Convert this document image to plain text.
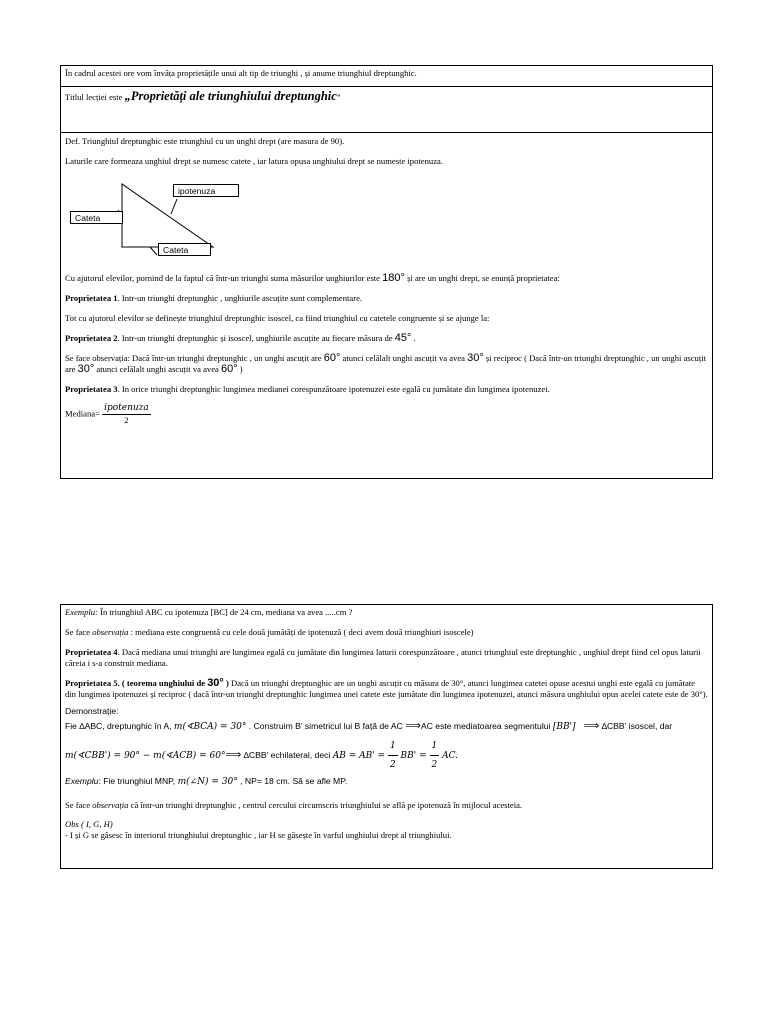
În cadrul acestei ore vom învăța proprietățile unui alt tip de triunghi , și anume triunghiul dreptunghic.

Titlul lecției este „Proprietăți ale triunghiului dreptunghic”

Def. Triunghiul dreptunghic este triunghiul cu un unghi drept (are masura de 90).

Laturile care formeaza unghiul drept se numesc catete , iar latura opusa unghiului drept se numeste ipotenuza.

ipotenuza
Cateta
Cateta

Cu ajutorul elevilor, pornind de la faptul că într-un triunghi suma măsurilor unghiurilor este 180° și are un unghi drept, se enunță proprietatea:

Proprietatea 1. Intr-un triunghi dreptunghic , unghiurile ascuțite sunt complementare.

Tot cu ajutorul elevilor se definește triunghiul dreptunghic isoscel, ca fiind triunghiul cu catetele congruente și se ajunge la:

Proprietatea 2. Intr-un triunghi dreptunghic și isoscel, unghiurile ascuțite au fiecare măsura de 45° .

Se face observația: Dacă într-un triunghi dreptunghic , un unghi ascuțit are 60° atunci celălalt unghi ascuțit va avea 30° și reciproc ( Dacă într-un triunghi dreptunghic , un unghi ascuțit are 30° atunci celălalt unghi ascuțit va avea 60° )

Proprietatea 3. In orice triunghi dreptunghic lungimea medianei corespunzătoare ipotenuzei este egală cu jumătate din lungimea ipotenuzei.

Mediana= $\frac{\text{ipotenuza}}{2}$

Exemplu: În triunghiul ABC cu ipotenuza [BC] de 24 cm, mediana va avea .....cm ?

Se face observația : mediana este congruentă cu cele două jumătăți de ipotenuză ( deci avem două triunghiuri isoscele)

Proprietatea 4. Dacă mediana unui triunghi are lungimea egală cu jumătate din lungimea laturii corespunzătoare , atunci triunghiul este dreptunghic , unghiul drept fiind cel opus laturii căreia i s-a construit mediana.

Proprietatea 5. ( teorema unghiului de 30° ) Dacă un triunghi dreptunghic are un unghi ascuțit cu măsura de 30°, atunci lungimea catetei opuse acestui unghi este egală cu jumătate din lungimea ipotenuzei și reciproc ( dacă într-un triunghi dreptunghic lungimea unei catete este jumătate din lungimea ipotenuzei, atunci măsura unghiului opus acelei catete este de 30°).

Demonstrație:

Fie ∆ABC, dreptunghic în A, m(∢BCA) = 30° . Construim B' simetricul lui B față de AC ⟹AC este mediatoarea segmentului [BB'] ⟹ ∆CBB' isoscel, dar

m(∢CBB') = 90° − m(∢ACB) = 60°⟹ ∆CBB' echilateral, deci AB = $AB' = \frac{1}{2} BB' = \frac{1}{2}$ AC.

Exemplu: Fie triunghiul MNP, m(∠N) = 30° , NP= 18 cm. Să se afle MP.

Se face observația că într-un triunghi dreptunghic , centrul cercului circumscris triunghiului se află pe ipotenuză în mijlocul acesteia.

Obs ( I, G, H)

- I și G se găsesc în interiorul triunghiului dreptunghic , iar H se găsește în varful unghiului drept al triunghiului.
